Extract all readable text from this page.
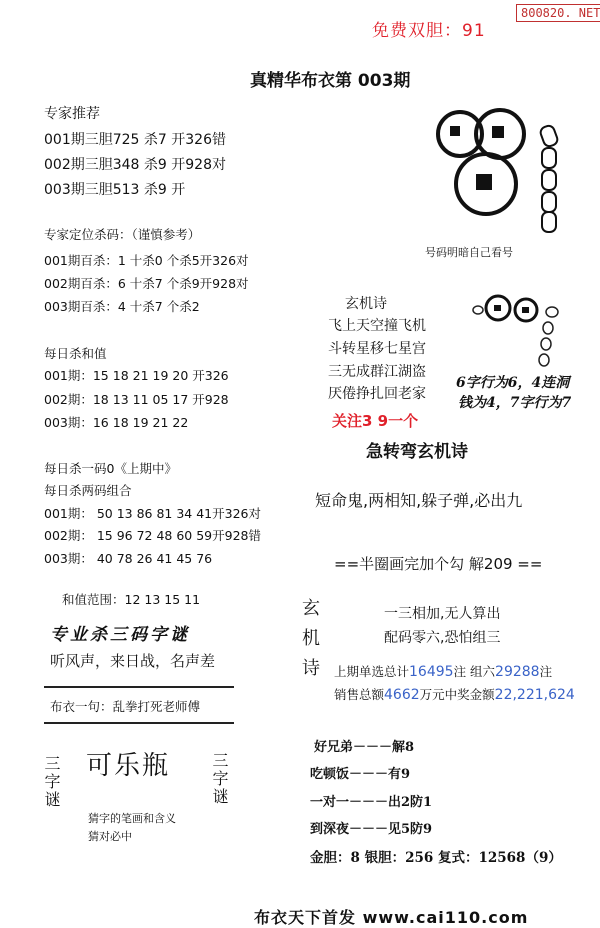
免费双胆：91
800820. NET
真精华布衣第 003期
专家推荐
001期三胆725 杀7 开326错
002期三胆348 杀9 开928对
003期三胆513 杀9 开
专家定位杀码：（谨慎参考）
001期百杀：1 十杀0 个杀5开326对
002期百杀：6 十杀7 个杀9开928对
003期百杀：4 十杀7 个杀2
每日杀和值
001期：15 18 21 19 20 开326
002期：18 13 11 05 17 开928
003期：16 18 19 21 22
每日杀一码0《上期中》
每日杀两码组合
001期： 50 13 86 81 34 41开326对
002期： 15 96 72 48 60 59开928错
003期： 40 78 26 41 45 76
和值范围：12 13 15 11
专业杀三码字谜
听风声，来日战，名声差
布衣一句：乱拳打死老师傅
三字谜 可乐瓶 三字谜
猜字的笔画和含义
猜对必中
号码明暗自己看号
玄机诗
飞上天空撞飞机
斗转星移七星宫
三无成群江湖盗
厌倦挣扎回老家
关注3 9一个
6字行为6，4连洞
钱为4，7字行为7
急转弯玄机诗
短命鬼,两相知,躲子弹,必出九
==半圈画完加个勾 解209 ==
玄机诗	一三相加,无人算出
配码零六,恐怕组三
上期单选总计16495注 组六29288注
销售总额4662万元中奖金额22,221,624
好兄弟－－－解8
吃顿饭－－－有9
一对一－－－出2防1
到深夜－－－见5防9
金胆：8 银胆：256 复式：12568（9）
布衣天下首发 www.cai110.com
